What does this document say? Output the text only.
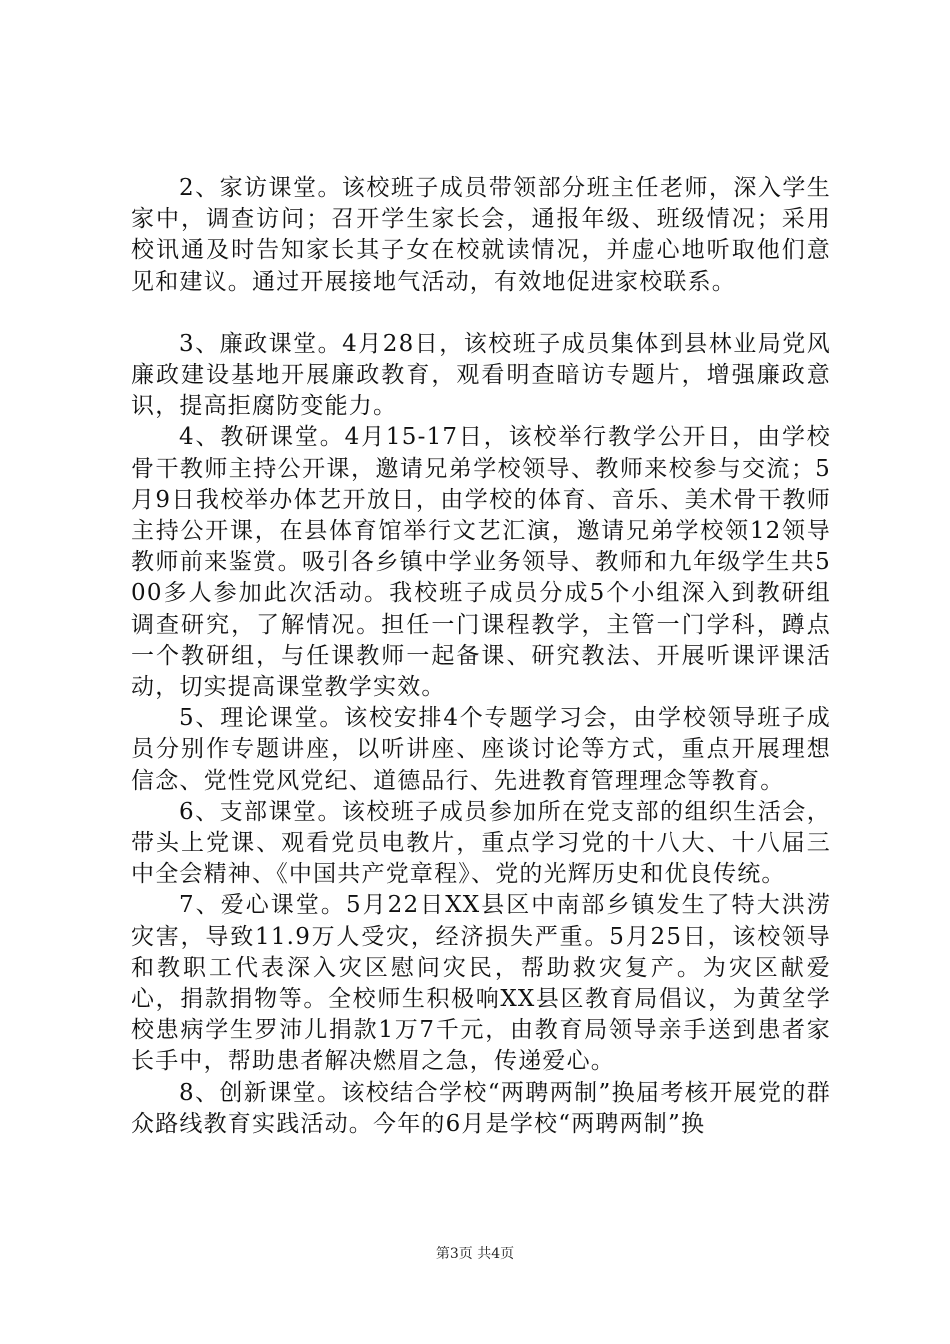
2、家访课堂。该校班子成员带领部分班主任老师，深入学生家中，调查访问；召开学生家长会，通报年级、班级情况；采用校讯通及时告知家长其子女在校就读情况，并虚心地听取他们意见和建议。通过开展接地气活动，有效地促进家校联系。

3、廉政课堂。4月28日，该校班子成员集体到县林业局党风廉政建设基地开展廉政教育，观看明查暗访专题片，增强廉政意识，提高拒腐防变能力。

4、教研课堂。4月15-17日，该校举行教学公开日，由学校骨干教师主持公开课，邀请兄弟学校领导、教师来校参与交流；5月9日我校举办体艺开放日，由学校的体育、音乐、美术骨干教师主持公开课，在县体育馆举行文艺汇演，邀请兄弟学校领12领导教师前来鉴赏。吸引各乡镇中学业务领导、教师和九年级学生共500多人参加此次活动。我校班子成员分成5个小组深入到教研组调查研究，了解情况。担任一门课程教学，主管一门学科，蹲点一个教研组，与任课教师一起备课、研究教法、开展听课评课活动，切实提高课堂教学实效。

5、理论课堂。该校安排4个专题学习会，由学校领导班子成员分别作专题讲座，以听讲座、座谈讨论等方式，重点开展理想信念、党性党风党纪、道德品行、先进教育管理理念等教育。

6、支部课堂。该校班子成员参加所在党支部的组织生活会，带头上党课、观看党员电教片，重点学习党的十八大、十八届三中全会精神、《中国共产党章程》、党的光辉历史和优良传统。

7、爱心课堂。5月22日XX县区中南部乡镇发生了特大洪涝灾害，导致11.9万人受灾，经济损失严重。5月25日，该校领导和教职工代表深入灾区慰问灾民，帮助救灾复产。为灾区献爱心，捐款捐物等。全校师生积极响XX县区教育局倡议，为黄坌学校患病学生罗沛儿捐款1万7千元，由教育局领导亲手送到患者家长手中，帮助患者解决燃眉之急，传递爱心。

8、创新课堂。该校结合学校“两聘两制”换届考核开展党的群众路线教育实践活动。今年的6月是学校“两聘两制”换

第3页 共4页
